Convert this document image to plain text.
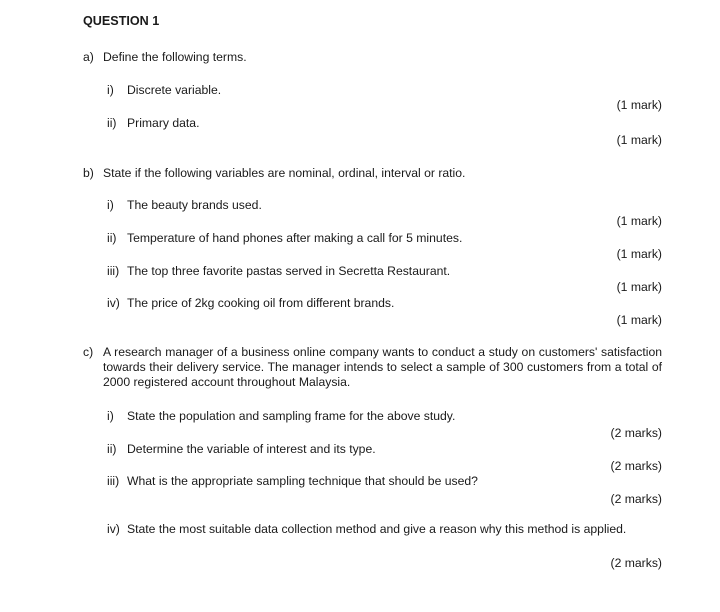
QUESTION 1
a) Define the following terms.
i) Discrete variable.
(1 mark)
ii) Primary data.
(1 mark)
b) State if the following variables are nominal, ordinal, interval or ratio.
i) The beauty brands used.
(1 mark)
ii) Temperature of hand phones after making a call for 5 minutes.
(1 mark)
iii) The top three favorite pastas served in Secretta Restaurant.
(1 mark)
iv) The price of 2kg cooking oil from different brands.
(1 mark)
c) A research manager of a business online company wants to conduct a study on customers' satisfaction towards their delivery service. The manager intends to select a sample of 300 customers from a total of 2000 registered account throughout Malaysia.
i) State the population and sampling frame for the above study.
(2 marks)
ii) Determine the variable of interest and its type.
(2 marks)
iii) What is the appropriate sampling technique that should be used?
(2 marks)
iv) State the most suitable data collection method and give a reason why this method is applied.
(2 marks)
